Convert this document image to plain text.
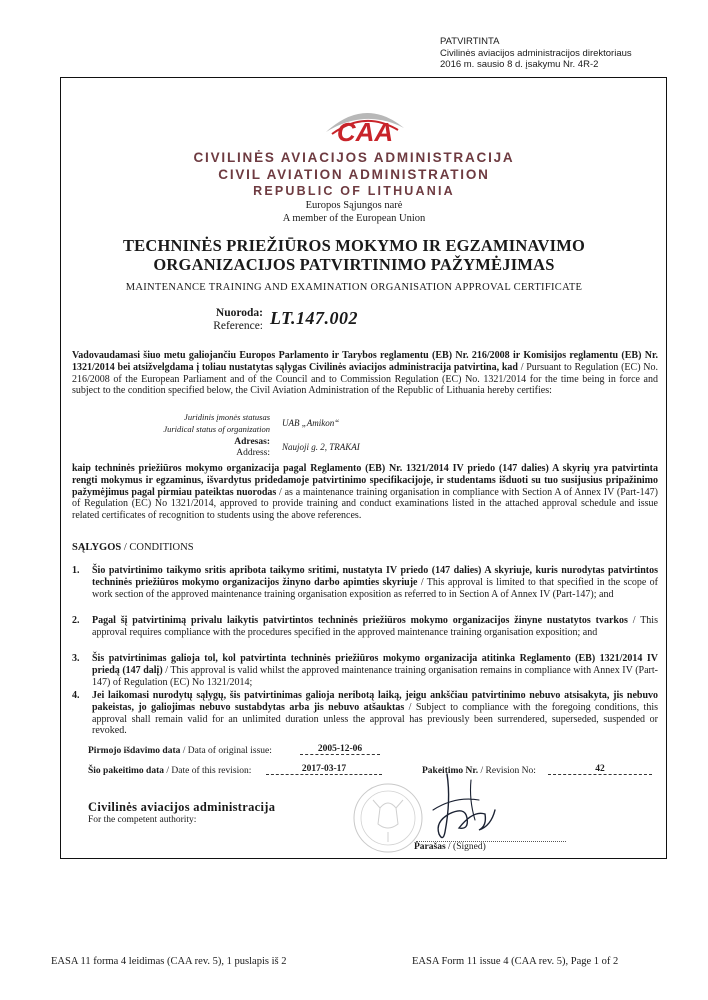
PATVIRTINTA
Civilinės aviacijos administracijos direktoriaus
2016 m. sausio 8 d. įsakymu Nr. 4R-2
CAA
CIVILINĖS AVIACIJOS ADMINISTRACIJA
CIVIL AVIATION ADMINISTRATION
REPUBLIC OF LITHUANIA
Europos Sąjungos narė
A member of the European Union
TECHNINĖS PRIEŽIŪROS MOKYMO IR EGZAMINAVIMO
ORGANIZACIJOS PATVIRTINIMO PAŽYMĖJIMAS
MAINTENANCE TRAINING AND EXAMINATION ORGANISATION APPROVAL CERTIFICATE
Nuoroda:
Reference: LT.147.002
Vadovaudamasi šiuo metu galiojančiu Europos Parlamento ir Tarybos reglamentu (EB) Nr. 216/2008 ir Komisijos reglamentu (EB) Nr. 1321/2014 bei atsižvelgdama į toliau nustatytas sąlygas Civilinės aviacijos administracija patvirtina, kad / Pursuant to Regulation (EC) No. 216/2008 of the European Parliament and of the Council and to Commission Regulation (EC) No. 1321/2014 for the time being in force and subject to the condition specified below, the Civil Aviation Administration of the Republic of Lithuania hereby certifies:
Juridinis įmonės statusas
Juridical status of organization
UAB „Amikon“
Adresas:
Address:
Naujoji g. 2, TRAKAI
kaip techninės priežiūros mokymo organizacija pagal Reglamento (EB) Nr. 1321/2014 IV priedo (147 dalies) A skyrių yra patvirtinta rengti mokymus ir egzaminus, išvardytus pridedamoje patvirtinimo specifikacijoje, ir studentams išduoti su tuo susijusius pripažinimo pažymėjimus pagal pirmiau pateiktas nuorodas / as a maintenance training organisation in compliance with Section A of Annex IV (Part-147) of Regulation (EC) No 1321/2014, approved to provide training and conduct examinations listed in the attached approval schedule and issue related certificates of recognition to students using the above references.
SĄLYGOS / CONDITIONS
1.	Šio patvirtinimo taikymo sritis apribota taikymo sritimi, nustatyta IV priedo (147 dalies) A skyriuje, kuris nurodytas patvirtintos techninės priežiūros mokymo organizacijos žinyno darbo apimties skyriuje / This approval is limited to that specified in the scope of work section of the approved maintenance training organisation exposition as referred to in Section A of Annex IV (Part-147); and
2.	Pagal šį patvirtinimą privalu laikytis patvirtintos techninės priežiūros mokymo organizacijos žinyne nustatytos tvarkos / This approval requires compliance with the procedures specified in the approved maintenance training organisation exposition; and
3.	Šis patvirtinimas galioja tol, kol patvirtinta techninės priežiūros mokymo organizacija atitinka Reglamento (EB) 1321/2014 IV priedą (147 dalį) / This approval is valid whilst the approved maintenance training organisation remains in compliance with Annex IV (Part-147) of Regulation (EC) No 1321/2014;
4.	Jei laikomasi nurodytų sąlygų, šis patvirtinimas galioja neribotą laiką, jeigu ankščiau patvirtinimo nebuvo atsisakyta, jis nebuvo pakeistas, jo galiojimas nebuvo sustabdytas arba jis nebuvo atšauktas / Subject to compliance with the foregoing conditions, this approval shall remain valid for an unlimited duration unless the approval has previously been surrendered, superseded, suspended or revoked.
Pirmojo išdavimo data / Data of original issue:	2005-12-06
Šio pakeitimo data / Date of this revision:	2017-03-17	Pakeitimo Nr. / Revision No:	42
Civilinės aviacijos administracija
For the competent authority:
Parašas / (Signed)
EASA 11 forma 4 leidimas (CAA rev. 5), 1 puslapis iš 2	EASA Form 11 issue 4 (CAA rev. 5), Page 1 of 2
